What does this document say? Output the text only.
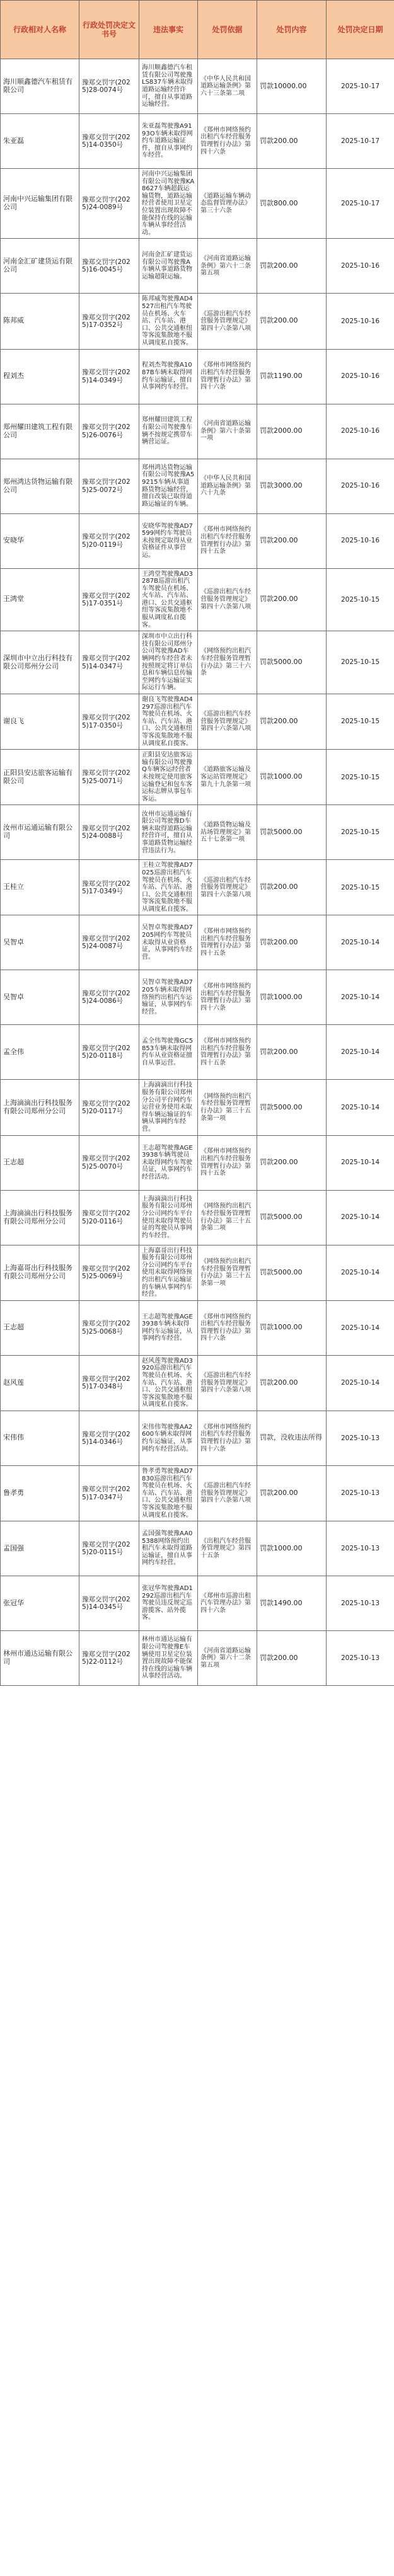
行政相对人名称	行政处罚决定文书号	违法事实	处罚依据	处罚内容	处罚决定日期
海川顺鑫德汽车租赁有限公司	豫郑交罚字(2025)28-0074号	海川顺鑫德汽车租赁有限公司驾驶豫LS837车辆未取得道路运输经营许可，擅自从事道路运输经营。	《中华人民共和国道路运输条例》第六十三条第二项	罚款10000.00	2025-10-17
朱亚磊	豫郑交罚字(2025)14-0350号	朱亚磊驾驶豫A9193O车辆未取得网约车道路运输证件，擅自从事网约车经营。	《郑州市网络预约出租汽车经营服务管理暂行办法》第四十六条	罚款200.00	2025-10-17
河南中兴运输集团有限公司	豫郑交罚字(2025)24-0089号	河南中兴运输集团有限公司驾驶豫KA8627车辆超载运输货物，道路运输经营者使用卫星定位装置出现故障不能保持在线的运输车辆从事经营活动。	《道路运输车辆动态监督管理办法》第三十六条	罚款800.00	2025-10-17
河南金汇矿建货运有限公司	豫郑交罚字(2025)16-0045号	河南金汇矿建货运有限公司驾驶豫A车辆从事道路货物运输超限运输。	《河南省道路运输条例》第六十二条第五项	罚款200.00	2025-10-16
陈邦威	豫郑交罚字(2025)17-0352号	陈邦威驾驶豫AD4527出租汽车驾驶员在机场、火车站、汽车站、港口、公共交通枢纽等客流集散地不服从调度私自揽客。	《巡游出租汽车经营服务管理规定》第四十六条第八项	罚款200.00	2025-10-16
程刘杰	豫郑交罚字(2025)14-0349号	程刘杰驾驶豫A1087B车辆未取得网约车运输证，擅自从事网约车经营。	《郑州市网络预约出租汽车经营服务管理暂行办法》第四十六条	罚款1190.00	2025-10-16
郑州耀田建筑工程有限公司	豫郑交罚字(2025)26-0076号	郑州耀田建筑工程有限公司驾驶豫车辆不按规定携带车辆营运证。	《河南省道路运输条例》第六十条第一项	罚款2000.00	2025-10-16
郑州鸿达货物运输有限公司	豫郑交罚字(2025)25-0072号	郑州鸿达货物运输有限公司驾驶豫A59215车辆从事道路货物运输经营，擅自改装已取得道路运输证的车辆。	《中华人民共和国道路运输条例》第六十九条	罚款3000.00	2025-10-16
安晓华	豫郑交罚字(2025)20-0119号	安晓华驾驶豫AD7599网约车驾驶员未按规定取得从业资格证件从事营运。	《郑州市网络预约出租汽车经营服务管理暂行办法》第四十五条	罚款200.00	2025-10-16
王鸿堂	豫郑交罚字(2025)17-0351号	王鸿堂驾驶豫AD3287B巡游出租汽车驾驶员在机场、火车站、汽车站、港口、公共交通枢纽等客流集散地不服从调度私自揽客。	《巡游出租汽车经营服务管理规定》第四十六条第八项	罚款200.00	2025-10-15
深圳市中立出行科技有限公司郑州分公司	豫郑交罚字(2025)14-0347号	深圳市中立出行科技有限公司郑州分公司驾驶豫AD车辆网约车经营者未按照规定将订单信息和车辆信息传输至网约车运输证实际运行车辆。	《网络预约出租汽车经营服务管理暂行办法》第三十六条	罚款5000.00	2025-10-15
谢良飞	豫郑交罚字(2025)17-0350号	谢良飞驾驶豫AD4297巡游出租汽车驾驶员在机场、火车站、汽车站、港口、公共交通枢纽等客流集散地不服从调度私自揽客。	《巡游出租汽车经营服务管理规定》第四十六条第八项	罚款200.00	2025-10-15
正阳县安达旅客运输有限公司	豫郑交罚字(2025)25-0071号	正阳县安达旅客运输有限公司驾驶豫Q车辆客运经营者未按规定使用旅客运输登记和包车客运标志牌从事包车客运。	《道路旅客运输及客运站管理规定》第九十九条第一项	罚款1000.00	2025-10-15
汝州市运通运输有限公司	豫郑交罚字(2025)24-0088号	汝州市运通运输有限公司驾驶豫D车辆未取得道路运输经营许可，擅自从事道路货物运输经营违法行为。	《道路货物运输及站场管理规定》第五十七条第一项	罚款5000.00	2025-10-15
王桂立	豫郑交罚字(2025)17-0349号	王桂立驾驶豫AD7025巡游出租汽车驾驶员在机场、火车站、汽车站、港口、公共交通枢纽等客流集散地不服从调度私自揽客。	《巡游出租汽车经营服务管理规定》第四十六条第八项	罚款200.00	2025-10-15
吴智卓	豫郑交罚字(2025)24-0087号	吴智卓驾驶豫AD7205网约车驾驶员未取得从业资格证，从事网约车经营。	《郑州市网络预约出租汽车经营服务管理暂行办法》第四十五条	罚款200.00	2025-10-14
吴智卓	豫郑交罚字(2025)24-0086号	吴智卓驾驶豫AD7205车辆未取得网络预约出租汽车运输证，从事网约车经营。	《郑州市网络预约出租汽车经营服务管理暂行办法》第四十六条	罚款1000.00	2025-10-14
孟全伟	豫郑交罚字(2025)20-0118号	孟全伟驾驶豫GC5853车辆未取得网约车从业资格证擅自从事运营。	《郑州市网络预约出租汽车经营服务管理暂行办法》第四十五条	罚款200.00	2025-10-14
上海滴滴出行科技服务有限公司郑州分公司	豫郑交罚字(2025)20-0117号	上海滴滴出行科技服务有限公司郑州分公司平台网约车运营业务使用未取得车辆运输证的车辆从事网约车经营。	《网络预约出租汽车经营服务管理暂行办法》第三十五条第一项	罚款5000.00	2025-10-14
王志超	豫郑交罚字(2025)25-0070号	王志超驾驶豫AGE3938车辆驾驶员未取得网约车驾驶员证，从事网约车经营活动。	《郑州市网络预约出租汽车经营服务管理暂行办法》第四十五条	罚款200.00	2025-10-14
上海滴滴出行科技服务有限公司郑州分公司	豫郑交罚字(2025)20-0116号	上海滴滴出行科技服务有限公司郑州分公司网约车平台使用未取得驾驶员证的驾驶员从事网约车经营。	《网络预约出租汽车经营服务管理暂行办法》第三十五条第二项	罚款5000.00	2025-10-14
上海嘉哥出行科技服务有限公司郑州分公司	豫郑交罚字(2025)25-0069号	上海嘉哥出行科技服务有限公司郑州分公司网约车平台使用未取得网络预约出租汽车运输证的车辆从事网约车经营。	《网络预约出租汽车经营服务管理暂行办法》第三十五条第一项	罚款5000.00	2025-10-14
王志超	豫郑交罚字(2025)25-0068号	王志超驾驶豫AGE3938车辆未取得网约车运输证，从事网约车经营。	《郑州市网络预约出租汽车经营服务管理暂行办法》第四十六条	罚款1000.00	2025-10-14
赵风莲	豫郑交罚字(2025)17-0348号	赵风莲驾驶豫AD3920巡游出租汽车驾驶员在机场、火车站、汽车站、港口、公共交通枢纽等客流集散地不服从调度私自揽客。	《巡游出租汽车经营服务管理规定》第四十六条第八项	罚款200.00	2025-10-14
宋伟伟	豫郑交罚字(2025)14-0346号	宋伟伟驾驶豫AA2600车辆未取得网约车运输证，从事网约车经营活动。	《郑州市网络预约出租汽车经营服务管理暂行办法》第四十六条	罚款，没收违法所得	2025-10-13
鲁孝勇	豫郑交罚字(2025)17-0347号	鲁孝勇驾驶豫AD7830巡游出租汽车驾驶员在机场、火车站、汽车站、港口、公共交通枢纽等客流集散地不服从调度私自揽客。	《巡游出租汽车经营服务管理规定》第四十六条第八项	罚款200.00	2025-10-13
孟国强	豫郑交罚字(2025)20-0115号	孟国强驾驶豫AA05388网络预约出租汽车未取得道路运输证，擅自从事网约车经营。	《出租汽车经营服务管理规定》第四十五条	罚款1000.00	2025-10-13
张冠华	豫郑交罚字(2025)14-0345号	张冠华驾驶豫AD1292巡游出租汽车驾驶员违反规定巡游揽客、站外揽客。	《郑州市巡游出租汽车管理办法》第四十六条	罚款1490.00	2025-10-13
林州市通达运输有限公司	豫郑交罚字(2025)22-0112号	林州市通达运输有限公司驾驶豫E车辆使用卫星定位装置出现故障不能保持在线的运输车辆从事经营活动。	《河南省道路运输条例》第六十二条第五项	罚款200.00	2025-10-13
